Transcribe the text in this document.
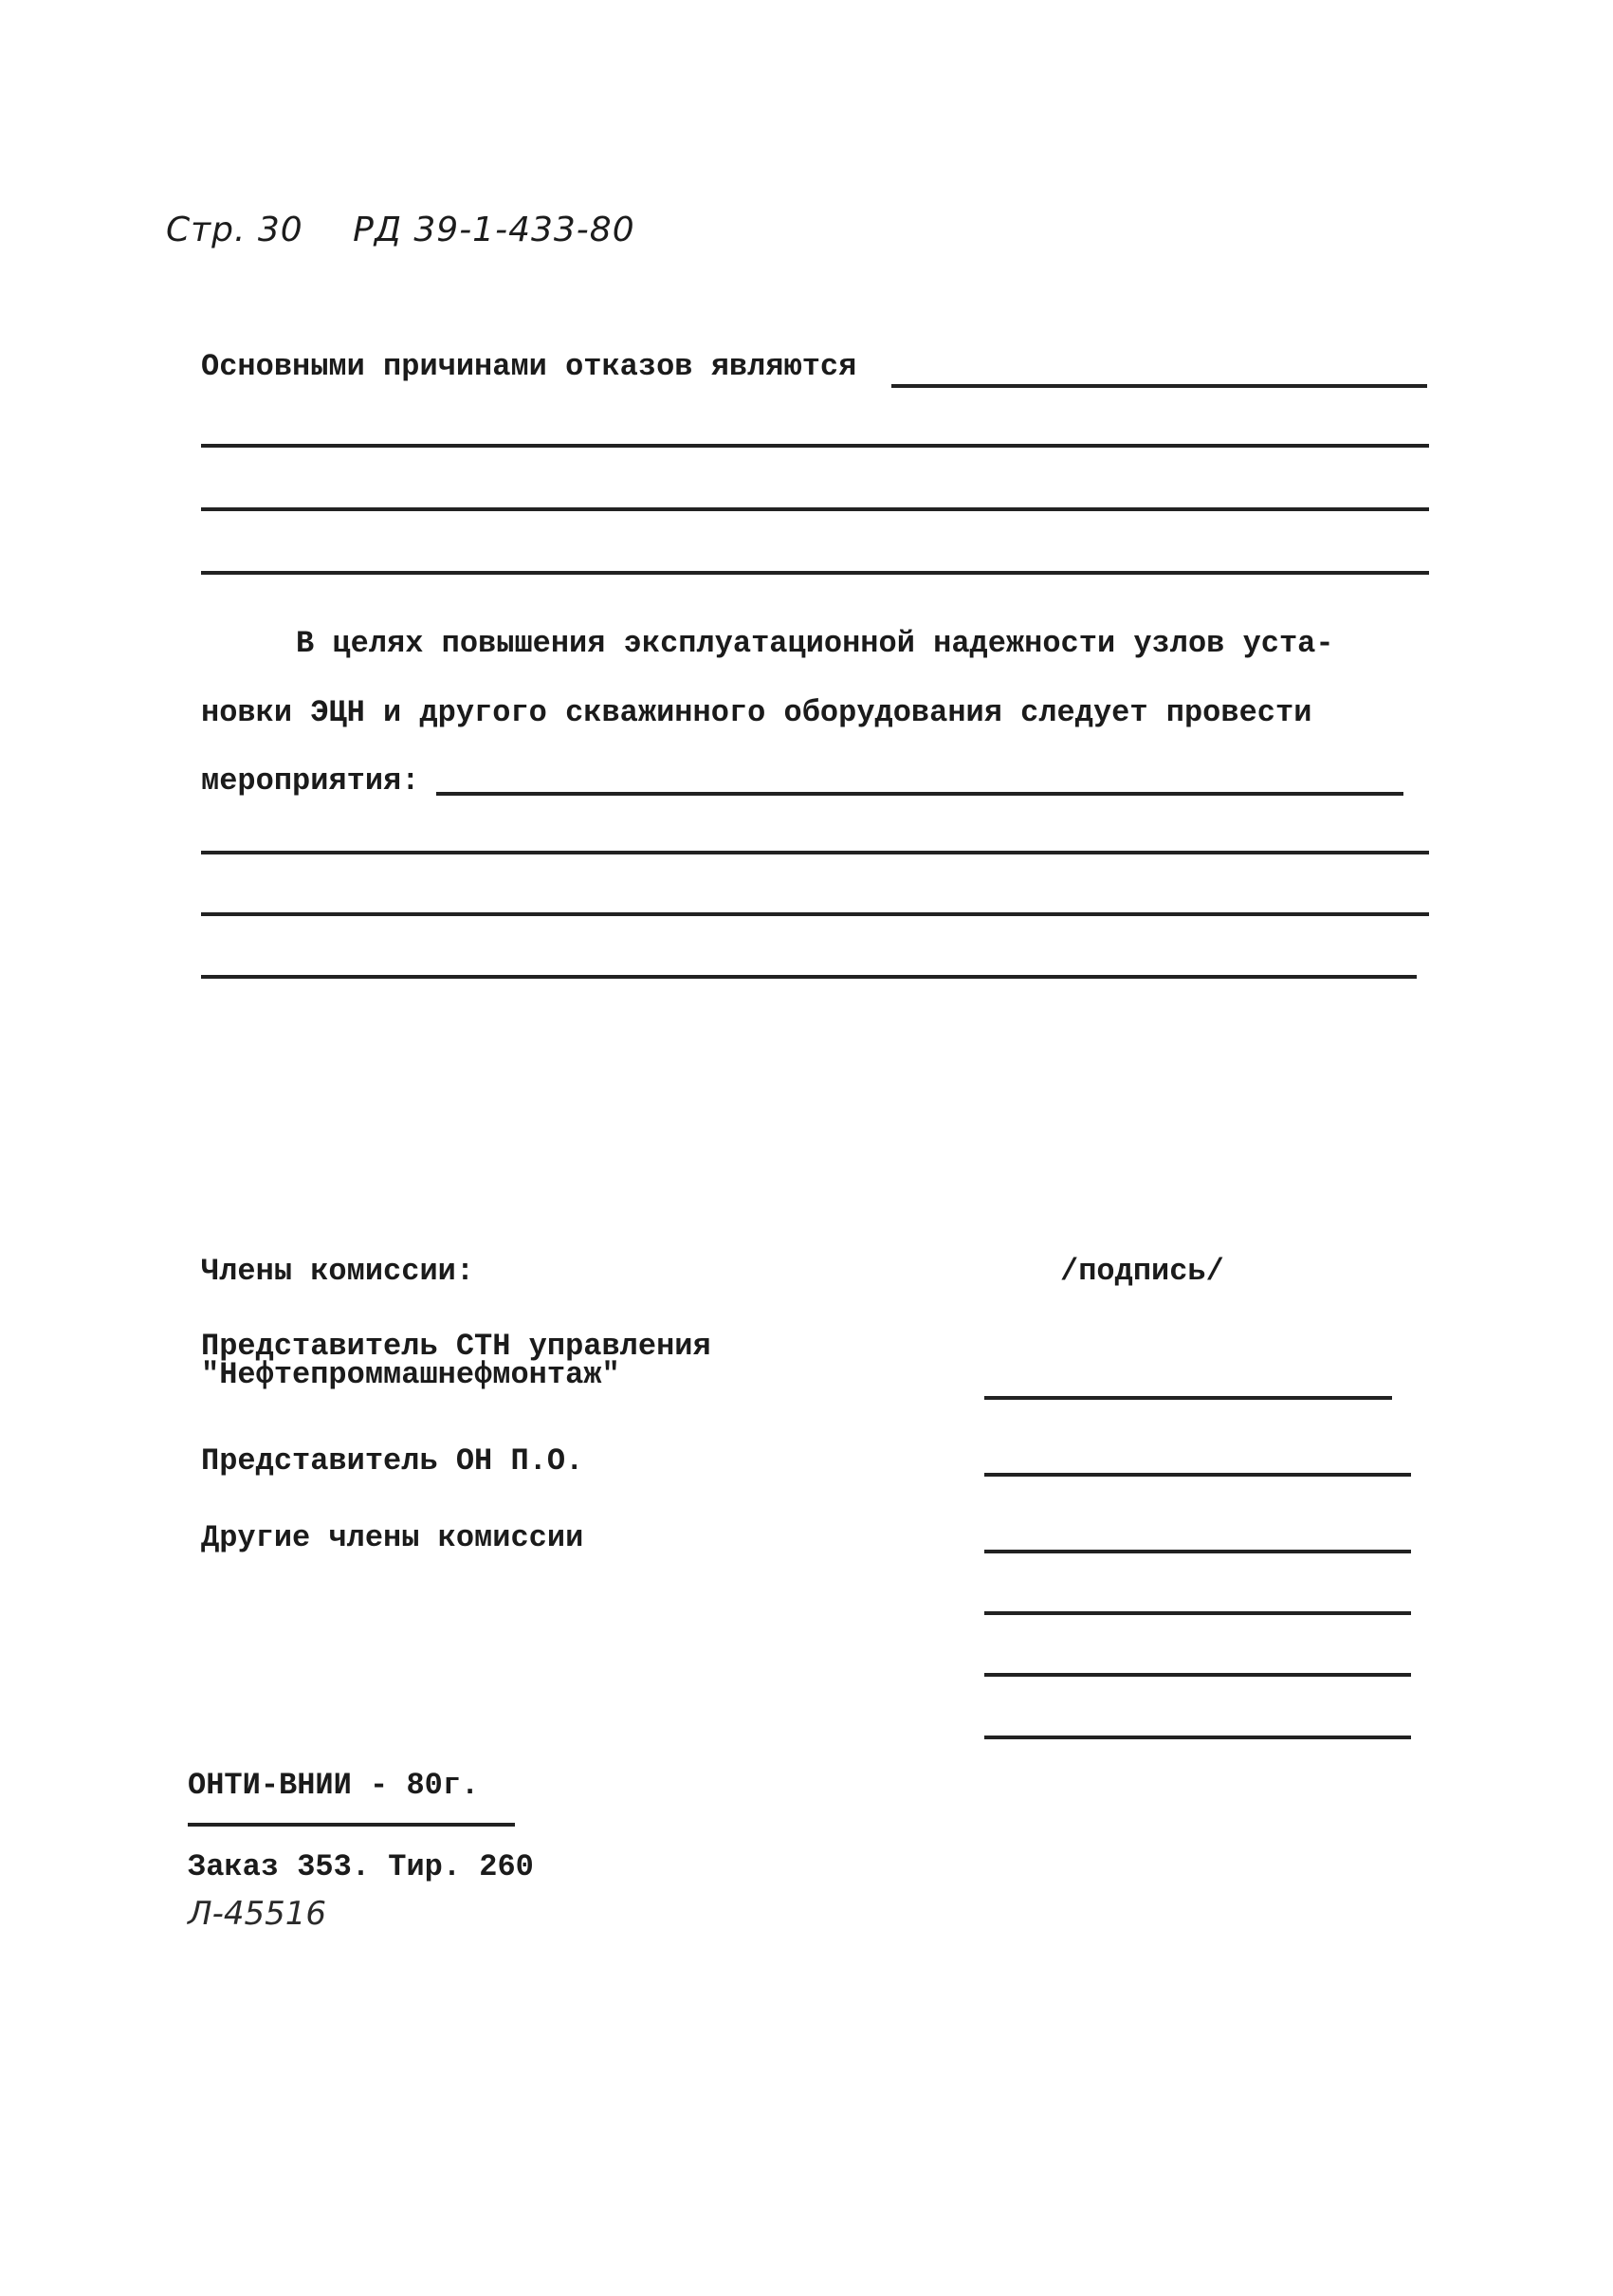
Стр. 30 РД 39-1-433-80
Основными причинами отказов являются
В целях повышения эксплуатационной надежности узлов уста-
новки ЭЦН и другого скважинного оборудования следует провести
мероприятия:
Члены комиссии:	/подпись/
Представитель СТН управления
"Нефтепроммашнефмонтаж"
Представитель ОН П.О.
Другие члены комиссии
ОНТИ-ВНИИ - 80г.
Заказ 353. Тир. 260
Л-45516
